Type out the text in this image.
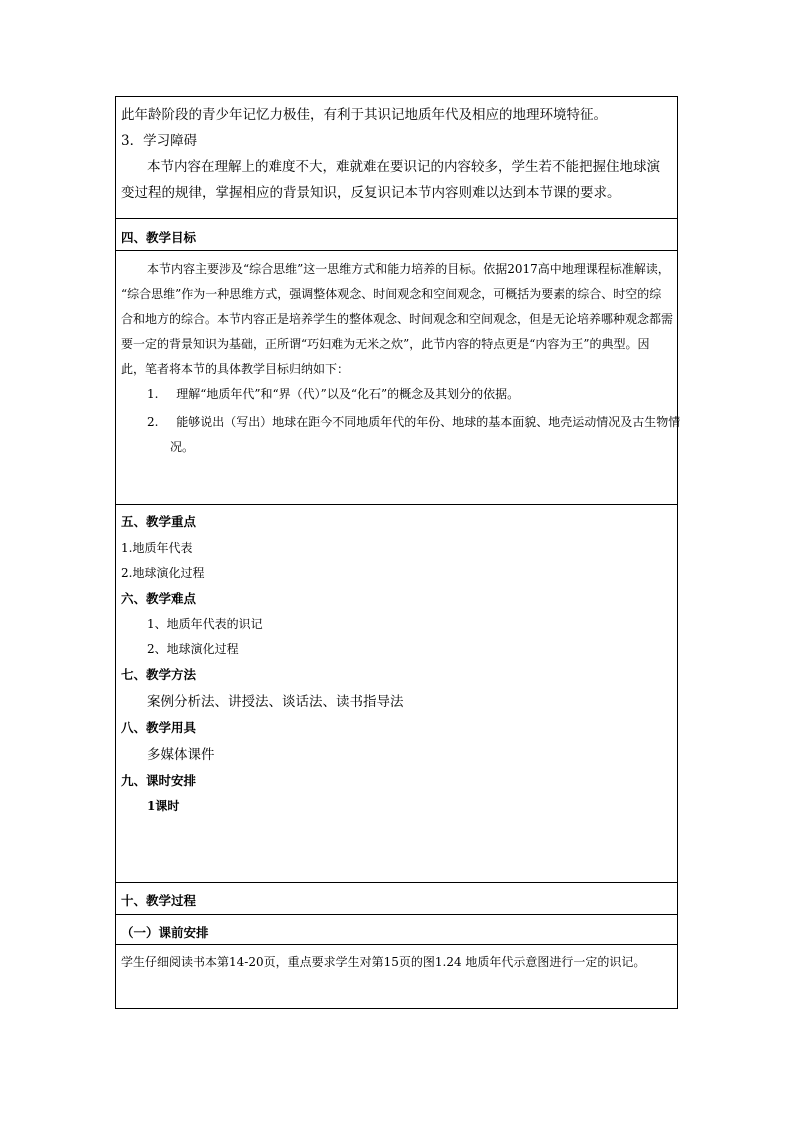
此年龄阶段的青少年记忆力极佳，有利于其识记地质年代及相应的地理环境特征。

3．学习障碍

本节内容在理解上的难度不大，难就难在要识记的内容较多，学生若不能把握住地球演

变过程的规律，掌握相应的背景知识，反复识记本节内容则难以达到本节课的要求。

四、教学目标

本节内容主要涉及“综合思维”这一思维方式和能力培养的目标。依据2017高中地理课程标准解读，

“综合思维”作为一种思维方式，强调整体观念、时间观念和空间观念，可概括为要素的综合、时空的综

合和地方的综合。本节内容正是培养学生的整体观念、时间观念和空间观念，但是无论培养哪种观念都需

要一定的背景知识为基础，正所谓“巧妇难为无米之炊”，此节内容的特点更是“内容为王”的典型。因

此，笔者将本节的具体教学目标归纳如下：

1. 理解“地质年代”和“界（代）”以及“化石”的概念及其划分的依据。
2. 能够说出（写出）地球在距今不同地质年代的年份、地球的基本面貌、地壳运动情况及古生物情

况。

五、教学重点

1.地质年代表

2.地球演化过程

六、教学难点

1、地质年代表的识记

2、地球演化过程

七、教学方法

案例分析法、讲授法、谈话法、读书指导法

八、教学用具

多媒体课件

九、课时安排

1课时

十、教学过程

（一）课前安排

学生仔细阅读书本第14-20页，重点要求学生对第15页的图1.24 地质年代示意图进行一定的识记。
